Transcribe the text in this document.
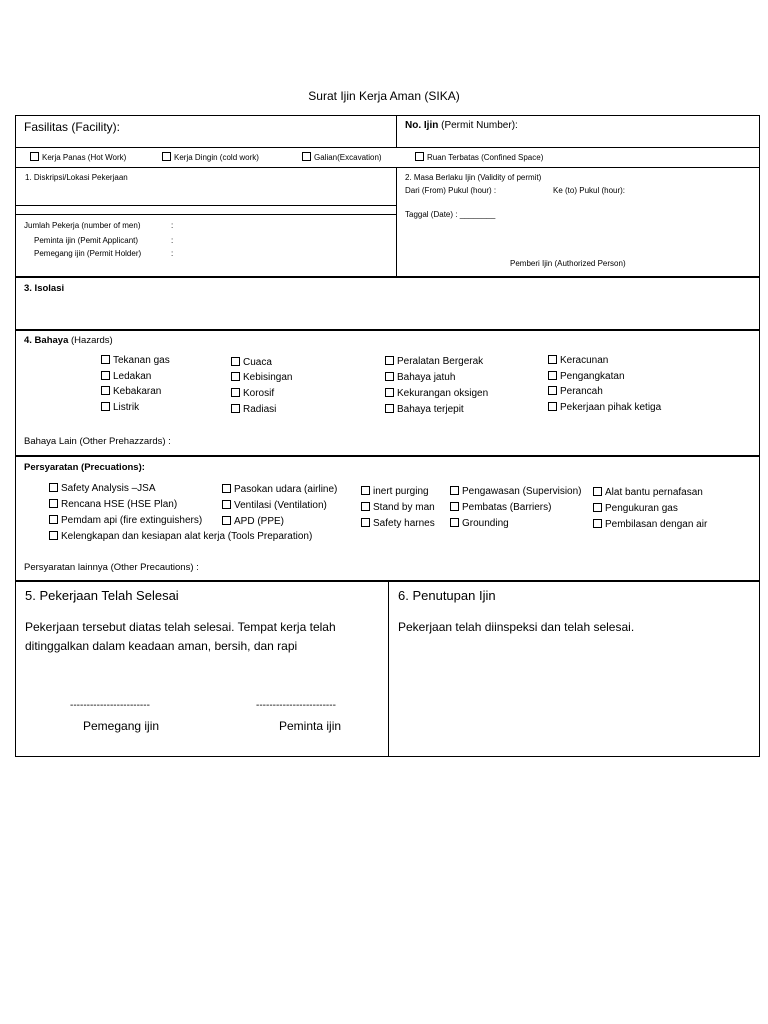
Surat Ijin Kerja Aman (SIKA)
Fasilitas (Facility):	No. Ijin (Permit Number):
Kerja Panas (Hot Work)	Kerja Dingin (cold work)	Galian(Excavation)	Ruan Terbatas (Confined Space)
1. Diskripsi/Lokasi Pekerjaan
Jumlah Pekerja (number of men)	:
Peminta ijin (Pemit Applicant)	:
Pemegang ijin (Permit Holder)	:
2. Masa Berlaku Ijin (Validity of permit)
Dari (From) Pukul (hour) :	Ke (to) Pukul (hour):
Taggal (Date) : ________
Pemberi Ijin (Authorized Person)
3. Isolasi
4. Bahaya (Hazards)
Tekanan gas
Ledakan
Kebakaran
Listrik
Cuaca
Kebisingan
Korosif
Radiasi
Peralatan Bergerak
Bahaya jatuh
Kekurangan oksigen
Bahaya terjepit
Keracunan
Pengangkatan
Perancah
Pekerjaan pihak ketiga
Bahaya Lain (Other Prehazzards) :
Persyaratan (Precuations):
Safety Analysis –JSA
Rencana HSE (HSE Plan)
Pemdam api (fire extinguishers)
Kelengkapan dan kesiapan alat kerja (Tools Preparation)
Pasokan udara (airline)
Ventilasi (Ventilation)
APD (PPE)
inert purging
Stand by man
Safety harnes
Pengawasan (Supervision)
Pembatas (Barriers)
Grounding
Alat bantu pernafasan
Pengukuran gas
Pembilasan dengan air
Persyaratan lainnya (Other Precautions) :
5. Pekerjaan Telah Selesai
Pekerjaan tersebut diatas telah selesai. Tempat kerja telah
ditinggalkan dalam keadaan aman, bersih, dan rapi
------------------------	------------------------
Pemegang ijin	Peminta ijin
6. Penutupan Ijin
Pekerjaan telah diinspeksi dan telah selesai.
